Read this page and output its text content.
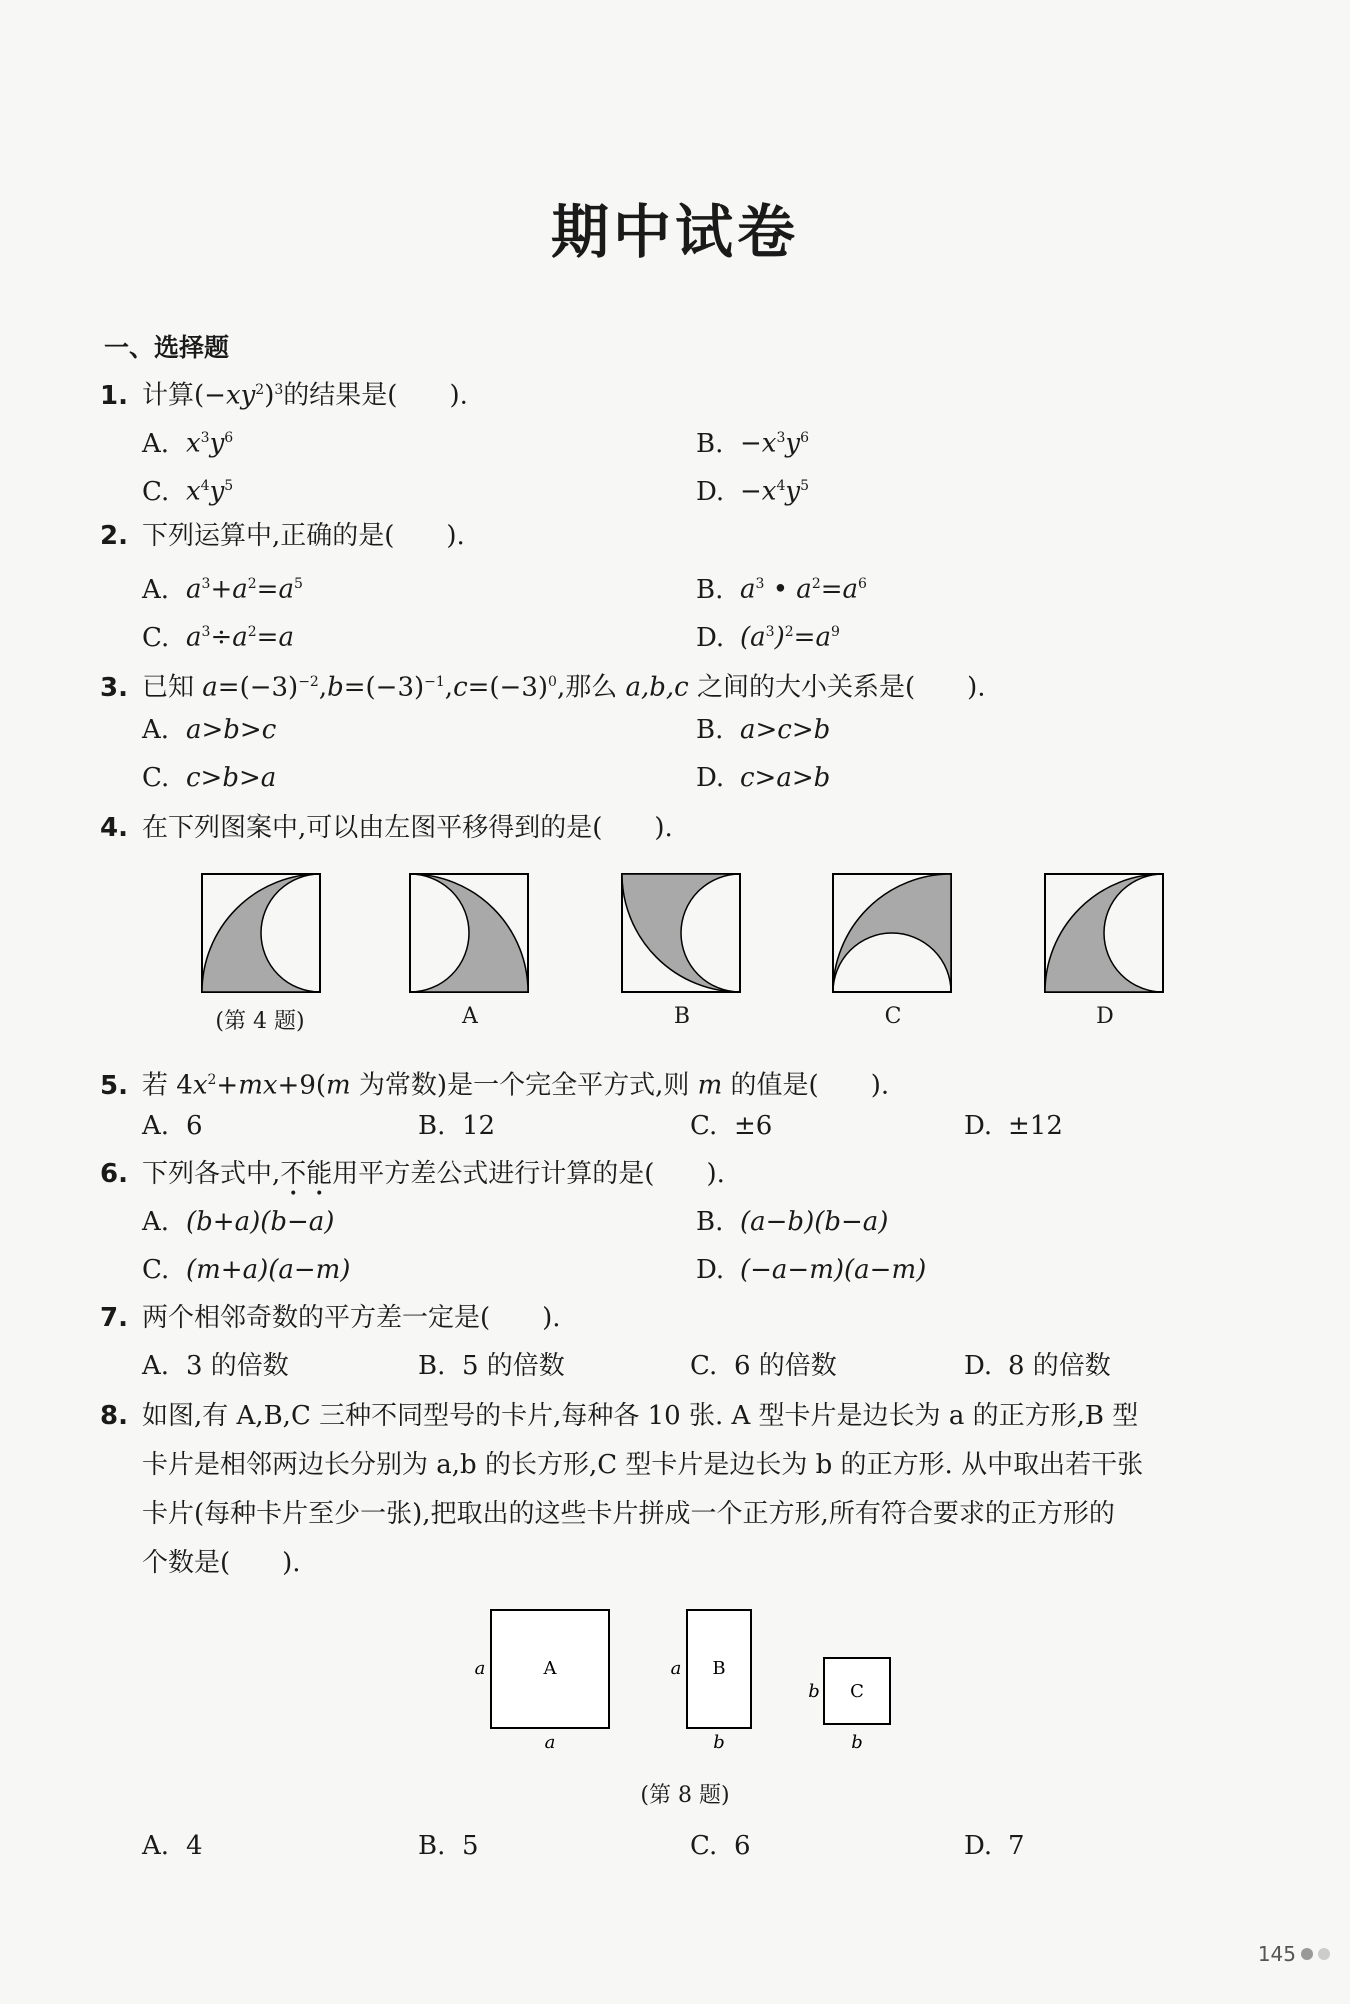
期中试卷
一、选择题
1. 计算$(-xy^2)^3$的结果是(　　).
A. $x^3y^6$	B. $-x^3y^6$
C. $x^4y^5$	D. $-x^4y^5$
2. 下列运算中,正确的是(　　).
A. $a^3+a^2=a^5$	B. $a^3$ • $a^2=a^6$
C. $a^3\div a^2=a$	D. $(a^3)^2=a^9$
3. 已知 $a=(-3)^{-2},b=(-3)^{-1},c=(-3)^0$,那么 a,b,c 之间的大小关系是(　　).
A. a>b>c	B. a>c>b
C. c>b>a	D. c>a>b
4. 在下列图案中,可以由左图平移得到的是(　　).
(第 4 题)	A	B	C	D
5. 若 $4x^2+mx+9(m$ 为常数)是一个完全平方式,则 m 的值是(　　).
A. 6	B. 12	C. ±6	D. ±12
6. 下列各式中,不能用平方差公式进行计算的是(　　).
A. (b+a)(b−a)	B. (a−b)(b−a)
C. (m+a)(a−m)	D. (−a−m)(a−m)
7. 两个相邻奇数的平方差一定是(　　).
A. 3 的倍数	B. 5 的倍数	C. 6 的倍数	D. 8 的倍数
8. 如图,有 A,B,C 三种不同型号的卡片,每种各 10 张. A 型卡片是边长为 a 的正方形,B 型
卡片是相邻两边长分别为 a,b 的长方形,C 型卡片是边长为 b 的正方形. 从中取出若干张
卡片(每种卡片至少一张),把取出的这些卡片拼成一个正方形,所有符合要求的正方形的
个数是(　　).
A
a
a
B
a
b
C
b
b
(第 8 题)
A. 4	B. 5	C. 6	D. 7
145
